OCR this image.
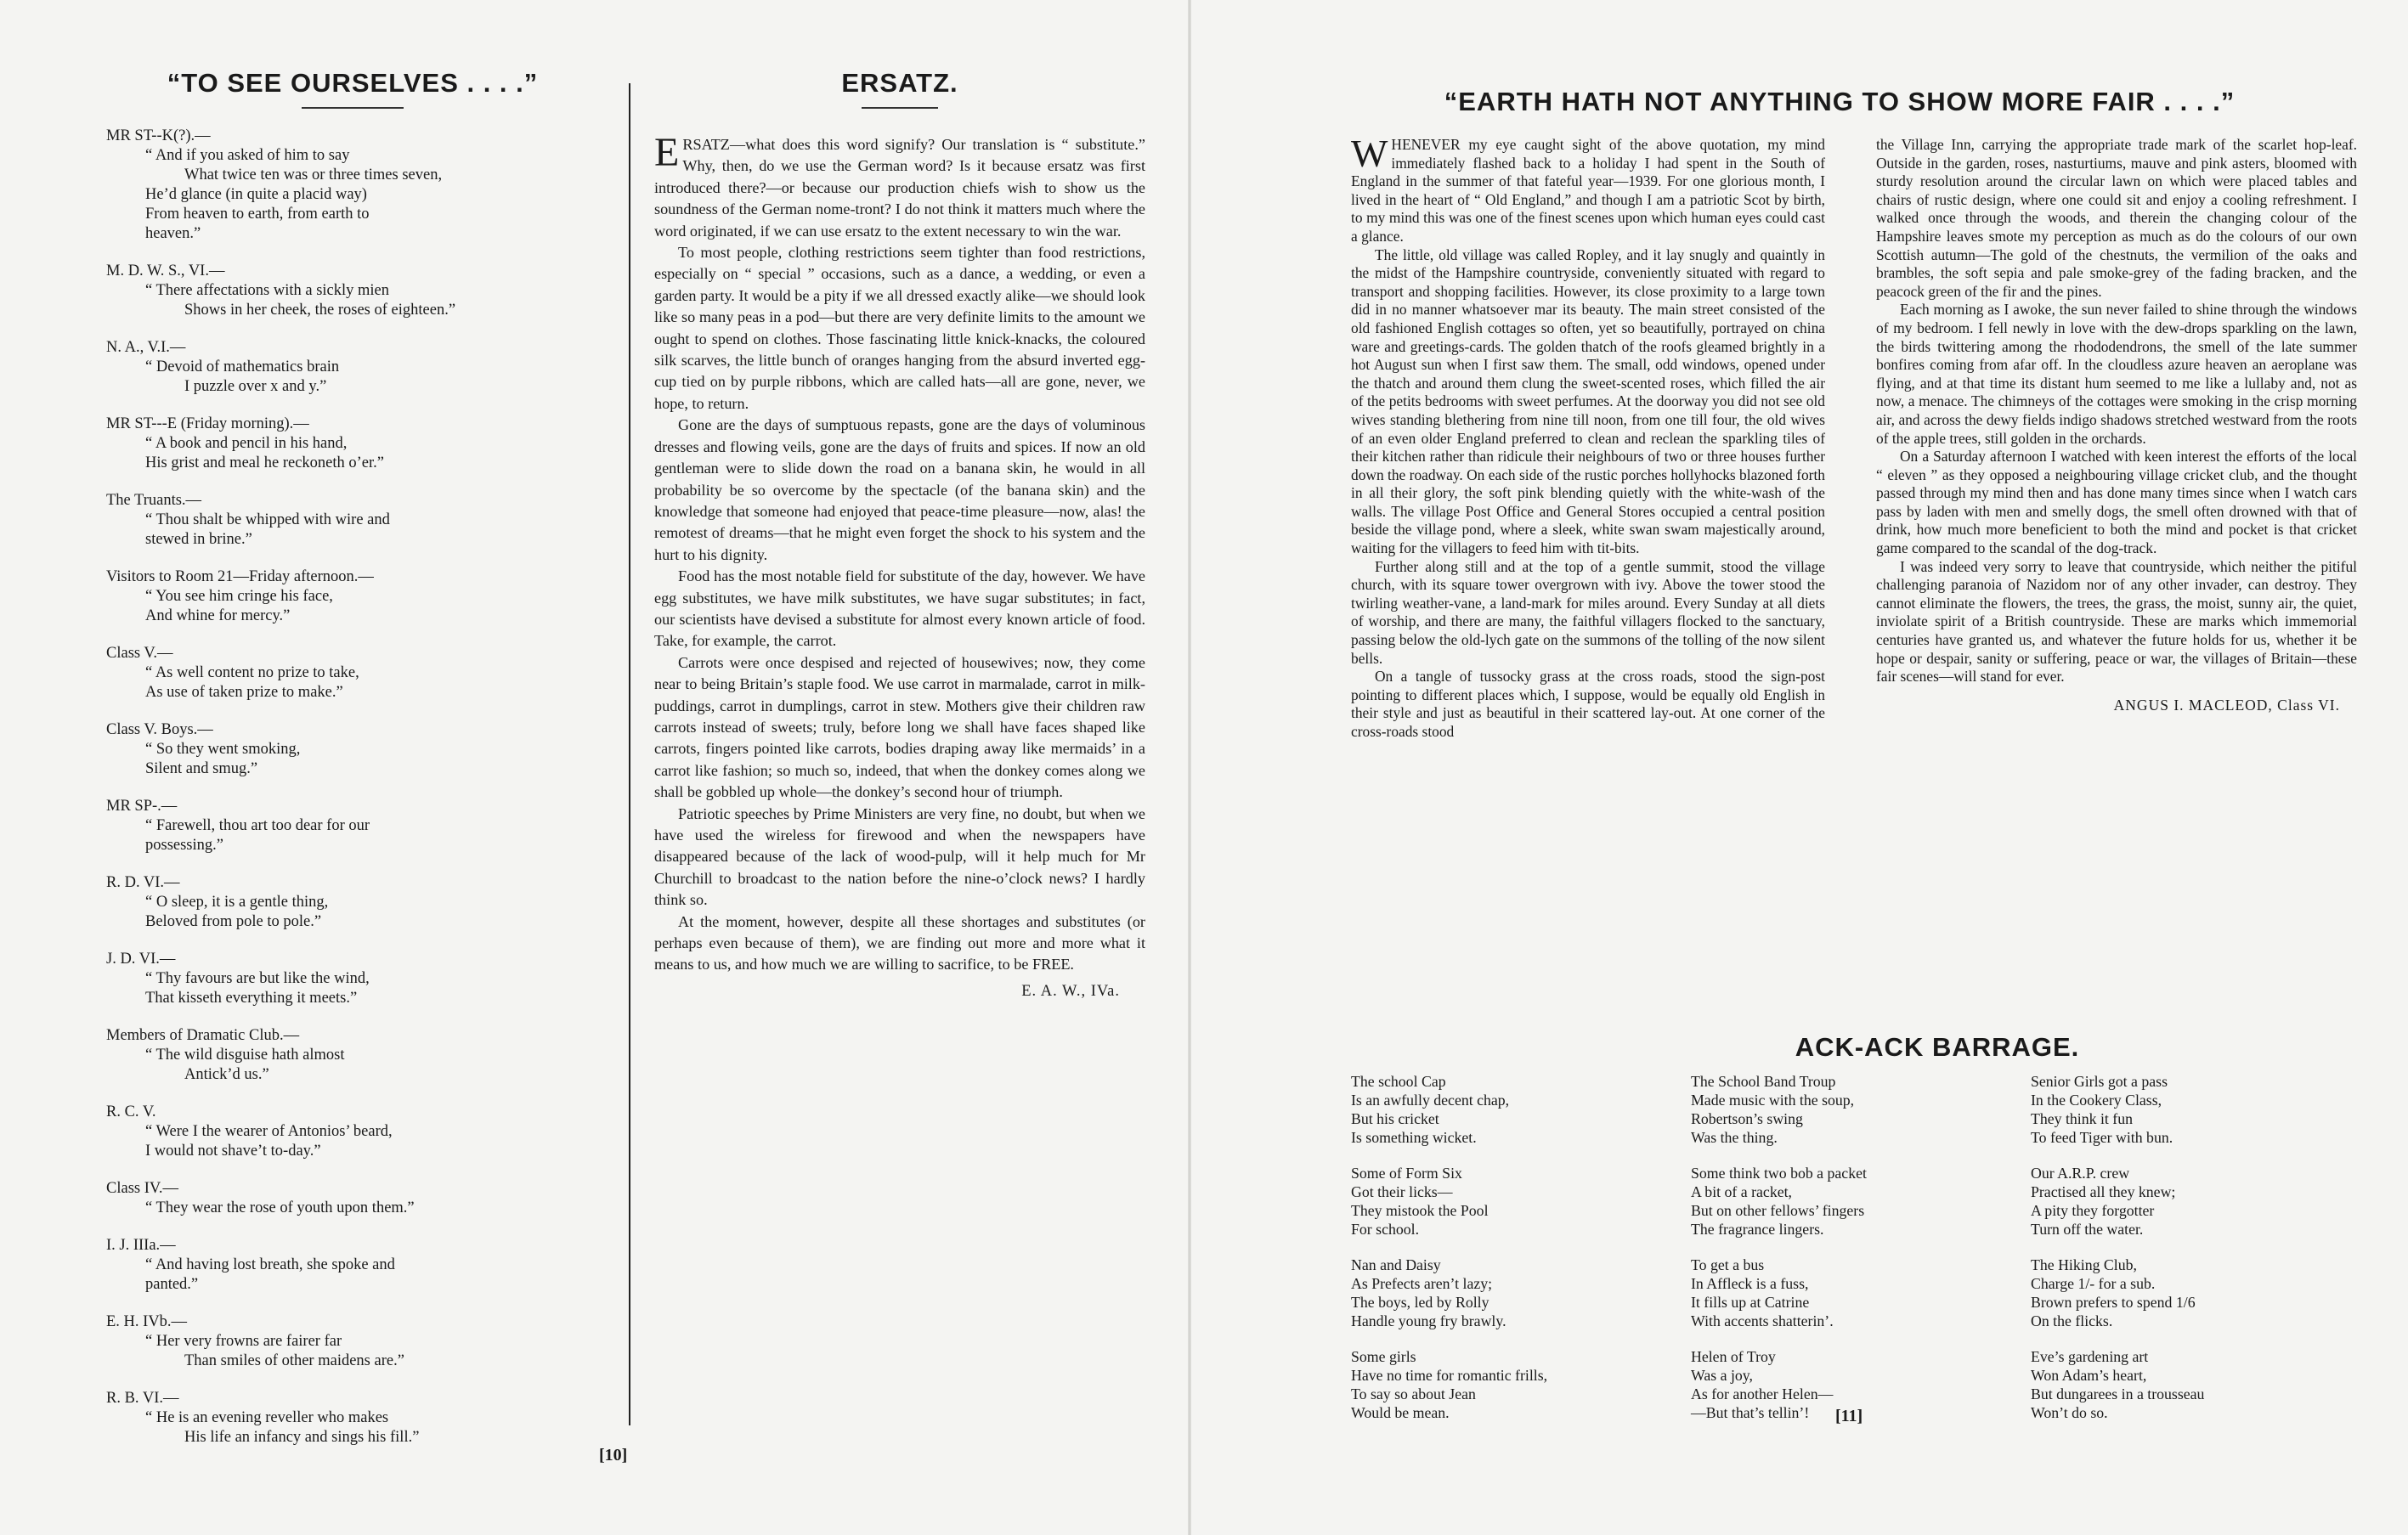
“TO SEE OURSELVES . . . .”

MR ST--K(?).—

“ And if you asked of him to say

What twice ten was or three times seven,

He’d glance (in quite a placid way)

From heaven to earth, from earth to

heaven.”

M. D. W. S., VI.—

“ There affectations with a sickly mien

Shows in her cheek, the roses of eighteen.”

N. A., V.I.—

“ Devoid of mathematics brain

I puzzle over x and y.”

MR ST---E (Friday morning).—

“ A book and pencil in his hand,

His grist and meal he reckoneth o’er.”

The Truants.—

“ Thou shalt be whipped with wire and

stewed in brine.”

Visitors to Room 21—Friday afternoon.—

“ You see him cringe his face,

And whine for mercy.”

Class V.—

“ As well content no prize to take,

As use of taken prize to make.”

Class V. Boys.—

“ So they went smoking,

Silent and smug.”

MR SP-.—

“ Farewell, thou art too dear for our

possessing.”

R. D. VI.—

“ O sleep, it is a gentle thing,

Beloved from pole to pole.”

J. D. VI.—

“ Thy favours are but like the wind,

That kisseth everything it meets.”

Members of Dramatic Club.—

“ The wild disguise hath almost

Antick’d us.”

R. C. V.

“ Were I the wearer of Antonios’ beard,

I would not shave’t to-day.”

Class IV.—

“ They wear the rose of youth upon them.”

I. J. IIIa.—

“ And having lost breath, she spoke and

panted.”

E. H. IVb.—

“ Her very frowns are fairer far

Than smiles of other maidens are.”

R. B. VI.—

“ He is an evening reveller who makes

His life an infancy and sings his fill.”

ERSATZ.

ERSATZ—what does this word signify? Our translation is “ substitute.” Why, then, do we use the German word? Is it because ersatz was first introduced there?—or because our production chiefs wish to show us the soundness of the German nome-tront? I do not think it matters much where the word originated, if we can use ersatz to the extent necessary to win the war.

To most people, clothing restrictions seem tighter than food restrictions, especially on “ special ” occasions, such as a dance, a wedding, or even a garden party. It would be a pity if we all dressed exactly alike—we should look like so many peas in a pod—but there are very definite limits to the amount we ought to spend on clothes. Those fascinating little knick-knacks, the coloured silk scarves, the little bunch of oranges hanging from the absurd inverted egg-cup tied on by purple ribbons, which are called hats—all are gone, never, we hope, to return.

Gone are the days of sumptuous repasts, gone are the days of voluminous dresses and flowing veils, gone are the days of fruits and spices. If now an old gentleman were to slide down the road on a banana skin, he would in all probability be so overcome by the spectacle (of the banana skin) and the knowledge that someone had enjoyed that peace-time pleasure—now, alas! the remotest of dreams—that he might even forget the shock to his system and the hurt to his dignity.

Food has the most notable field for substitute of the day, however. We have egg substitutes, we have milk substitutes, we have sugar substitutes; in fact, our scientists have devised a substitute for almost every known article of food. Take, for example, the carrot.

Carrots were once despised and rejected of housewives; now, they come near to being Britain’s staple food. We use carrot in marmalade, carrot in milk-puddings, carrot in dumplings, carrot in stew. Mothers give their children raw carrots instead of sweets; truly, before long we shall have faces shaped like carrots, fingers pointed like carrots, bodies draping away like mermaids’ in a carrot like fashion; so much so, indeed, that when the donkey comes along we shall be gobbled up whole—the donkey’s second hour of triumph.

Patriotic speeches by Prime Ministers are very fine, no doubt, but when we have used the wireless for firewood and when the newspapers have disappeared because of the lack of wood-pulp, will it help much for Mr Churchill to broadcast to the nation before the nine-o’clock news? I hardly think so.

At the moment, however, despite all these shortages and substitutes (or perhaps even because of them), we are finding out more and more what it means to us, and how much we are willing to sacrifice, to be FREE.

E. A. W., IVa.

[10]
“EARTH HATH NOT ANYTHING TO SHOW MORE FAIR . . . .”

WHENEVER my eye caught sight of the above quotation, my mind immediately flashed back to a holiday I had spent in the South of England in the summer of that fateful year—1939. For one glorious month, I lived in the heart of “ Old England,” and though I am a patriotic Scot by birth, to my mind this was one of the finest scenes upon which human eyes could cast a glance.

The little, old village was called Ropley, and it lay snugly and quaintly in the midst of the Hampshire countryside, conveniently situated with regard to transport and shopping facilities. However, its close proximity to a large town did in no manner whatsoever mar its beauty. The main street consisted of the old fashioned English cottages so often, yet so beautifully, portrayed on china ware and greetings-cards. The golden thatch of the roofs gleamed brightly in a hot August sun when I first saw them. The small, odd windows, opened under the thatch and around them clung the sweet-scented roses, which filled the air of the petits bedrooms with sweet perfumes. At the doorway you did not see old wives standing blethering from nine till noon, from one till four, the old wives of an even older England preferred to clean and reclean the sparkling tiles of their kitchen rather than ridicule their neighbours of two or three houses further down the roadway. On each side of the rustic porches hollyhocks blazoned forth in all their glory, the soft pink blending quietly with the white-wash of the walls. The village Post Office and General Stores occupied a central position beside the village pond, where a sleek, white swan swam majestically around, waiting for the villagers to feed him with tit-bits.

Further along still and at the top of a gentle summit, stood the village church, with its square tower overgrown with ivy. Above the tower stood the twirling weather-vane, a land-mark for miles around. Every Sunday at all diets of worship, and there are many, the faithful villagers flocked to the sanctuary, passing below the old-lych gate on the summons of the tolling of the now silent bells.

On a tangle of tussocky grass at the cross roads, stood the sign-post pointing to different places which, I suppose, would be equally old English in their style and just as beautiful in their scattered lay-out. At one corner of the cross-roads stood

the Village Inn, carrying the appropriate trade mark of the scarlet hop-leaf. Outside in the garden, roses, nasturtiums, mauve and pink asters, bloomed with sturdy resolution around the circular lawn on which were placed tables and chairs of rustic design, where one could sit and enjoy a cooling refreshment. I walked once through the woods, and therein the changing colour of the Hampshire leaves smote my perception as much as do the colours of our own Scottish autumn—The gold of the chestnuts, the vermilion of the oaks and brambles, the soft sepia and pale smoke-grey of the fading bracken, and the peacock green of the fir and the pines.

Each morning as I awoke, the sun never failed to shine through the windows of my bedroom. I fell newly in love with the dew-drops sparkling on the lawn, the birds twittering among the rhododendrons, the smell of the late summer bonfires coming from afar off. In the cloudless azure heaven an aeroplane was flying, and at that time its distant hum seemed to me like a lullaby and, not as now, a menace. The chimneys of the cottages were smoking in the crisp morning air, and across the dewy fields indigo shadows stretched westward from the roots of the apple trees, still golden in the orchards.

On a Saturday afternoon I watched with keen interest the efforts of the local “ eleven ” as they opposed a neighbouring village cricket club, and the thought passed through my mind then and has done many times since when I watch cars pass by laden with men and smelly dogs, the smell often drowned with that of drink, how much more beneficient to both the mind and pocket is that cricket game compared to the scandal of the dog-track.

I was indeed very sorry to leave that countryside, which neither the pitiful challenging paranoia of Nazidom nor of any other invader, can destroy. They cannot eliminate the flowers, the trees, the grass, the moist, sunny air, the quiet, inviolate spirit of a British countryside. These are marks which immemorial centuries have granted us, and whatever the future holds for us, whether it be hope or despair, sanity or suffering, peace or war, the villages of Britain—these fair scenes—will stand for ever.

ANGUS I. MACLEOD, Class VI.

ACK-ACK BARRAGE.

The school Cap

Is an awfully decent chap,

But his cricket

Is something wicket.

Some of Form Six

Got their licks—

They mistook the Pool

For school.

Nan and Daisy

As Prefects aren’t lazy;

The boys, led by Rolly

Handle young fry brawly.

Some girls

Have no time for romantic frills,

To say so about Jean

Would be mean.

The School Band Troup

Made music with the soup,

Robertson’s swing

Was the thing.

Some think two bob a packet

A bit of a racket,

But on other fellows’ fingers

The fragrance lingers.

To get a bus

In Affleck is a fuss,

It fills up at Catrine

With accents shatterin’.

Helen of Troy

Was a joy,

As for another Helen—

—But that’s tellin’!

Senior Girls got a pass

In the Cookery Class,

They think it fun

To feed Tiger with bun.

Our A.R.P. crew

Practised all they knew;

A pity they forgotter

Turn off the water.

The Hiking Club,

Charge 1/- for a sub.

Brown prefers to spend 1/6

On the flicks.

Eve’s gardening art

Won Adam’s heart,

But dungarees in a trousseau

Won’t do so.

[11]
